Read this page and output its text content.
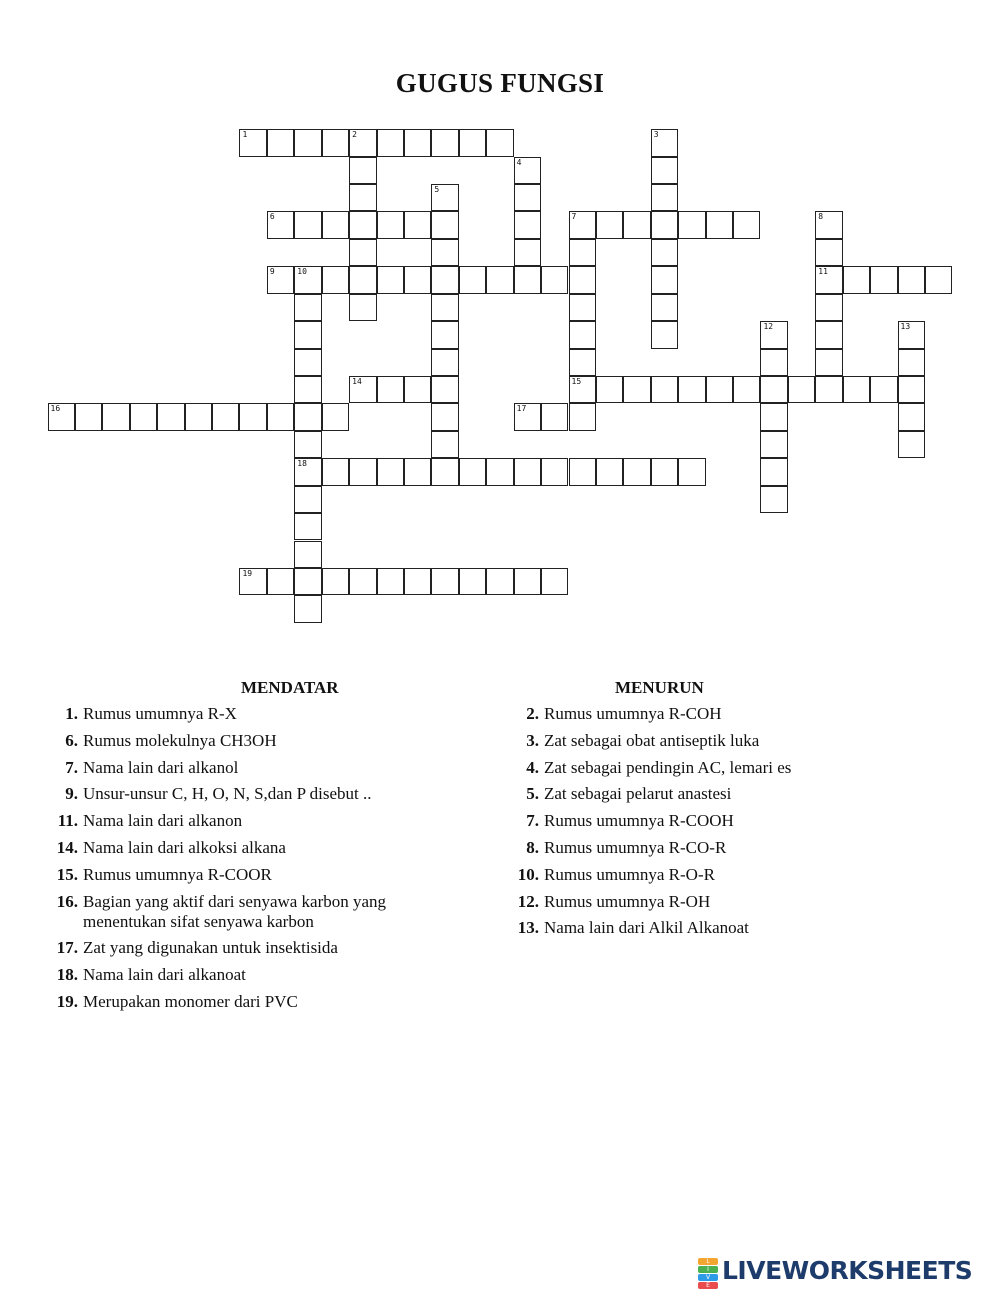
GUGUS FUNGSI
1	2	3
4
5
6	7
15
8
11
9	10
18
12	13
14
16	17
19
MENDATAR	MENURUN
1. Rumus umumnya R-X
6. Rumus molekulnya CH3OH
7. Nama lain dari alkanol
9. Unsur-unsur C, H, O, N, S,dan P disebut ..
11. Nama lain dari alkanon
14. Nama lain dari alkoksi alkana
15. Rumus umumnya R-COOR
16. Bagian yang aktif dari senyawa karbon yang menentukan sifat senyawa karbon
17. Zat yang digunakan untuk insektisida
18. Nama lain dari alkanoat
19. Merupakan monomer dari PVC
2. Rumus umumnya R-COH
3. Zat sebagai obat antiseptik luka
4. Zat sebagai pendingin AC, lemari es
5. Zat sebagai pelarut anastesi
7. Rumus umumnya R-COOH
8. Rumus umumnya R-CO-R
10. Rumus umumnya R-O-R
12. Rumus umumnya R-OH
13. Nama lain dari Alkil Alkanoat
L
I
V
E LIVEWORKSHEETS
